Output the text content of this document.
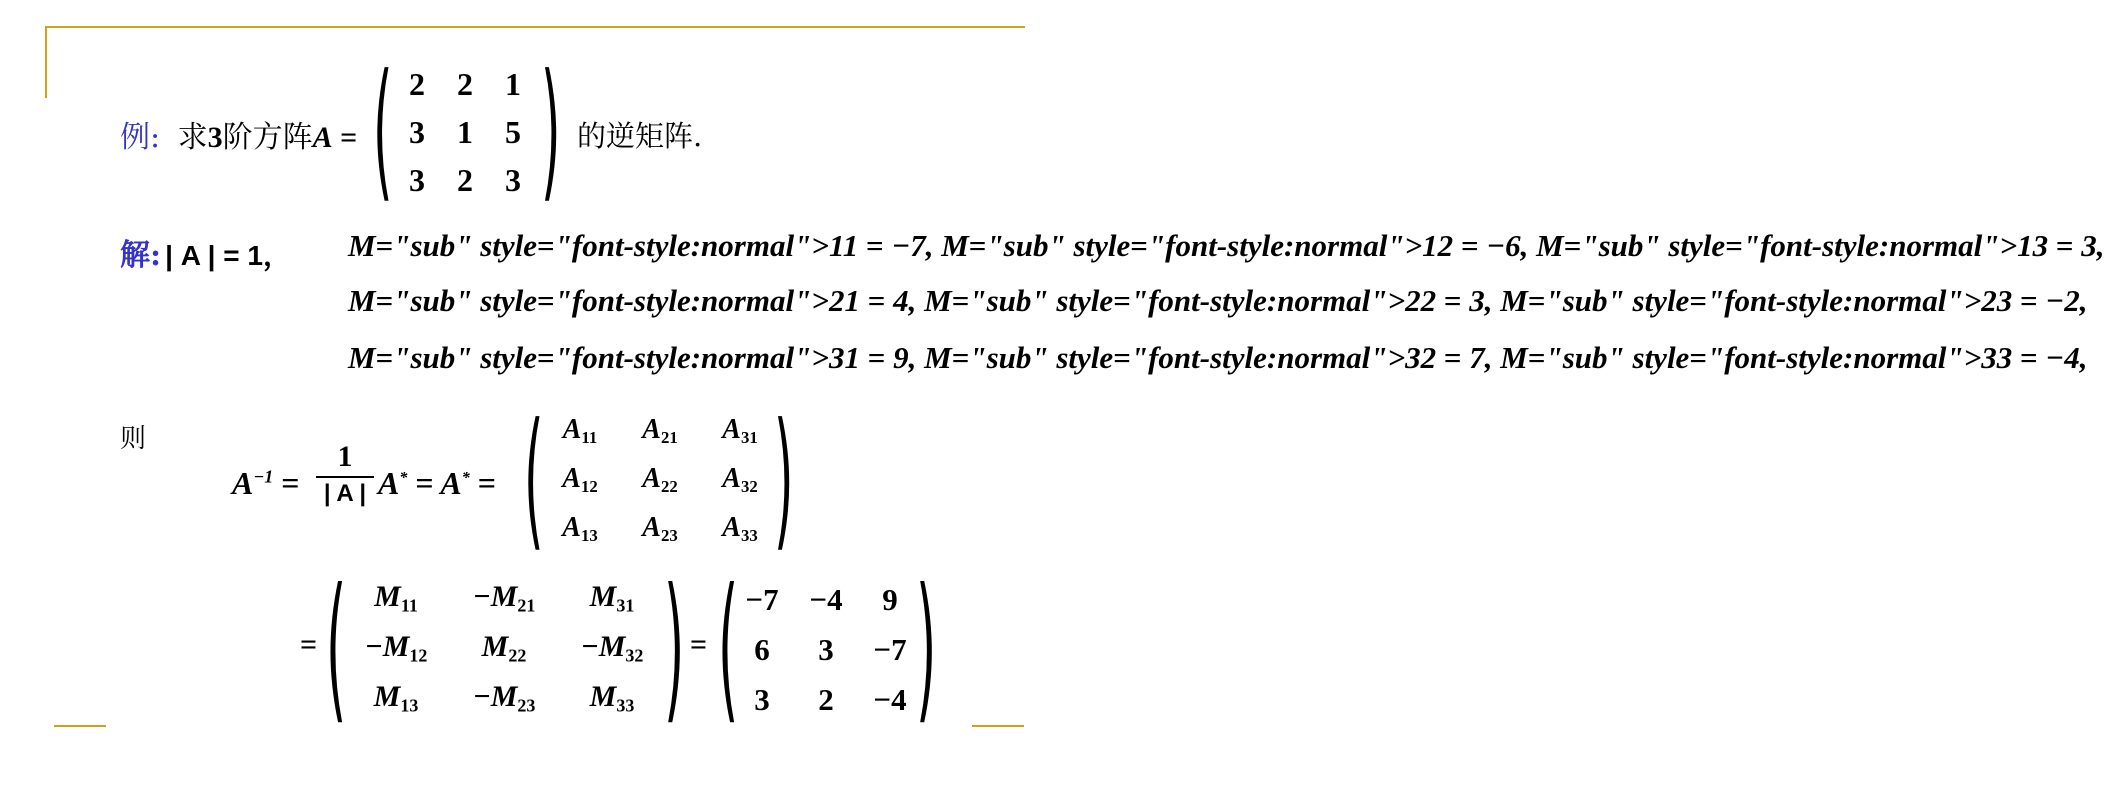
例: 求3阶方阵A = (	) 的逆矩阵.
解: | A | = 1， M="sub" style="font-style:normal">11 = −7, M="sub" style="font-style:normal">12 = −6, M="sub" style="font-style:normal">13 = 3,
M="sub" style="font-style:normal">21 = 4, M="sub" style="font-style:normal">22 = 3, M="sub" style="font-style:normal">23 = −2,
M="sub" style="font-style:normal">31 = 9, M="sub" style="font-style:normal">32 = 7, M="sub" style="font-style:normal">33 = −4,
则
$A^{-1}$ =
1
| A | A* = A* = (	)
= (	) = (	)
2	2	1
3	1	5
3	2	3
$A_{11}$	$A_{21}$	$A_{31}$
$A_{12}$	$A_{22}$	$A_{32}$
$A_{13}$	$A_{23}$	$A_{33}$
$M_{11}$	$-M_{21}$	$M_{31}$
$-M_{12}$	$M_{22}$	$-M_{32}$
$M_{13}$	$-M_{23}$	$M_{33}$
−7 −4	9
6	3	−7
3	2	−4
